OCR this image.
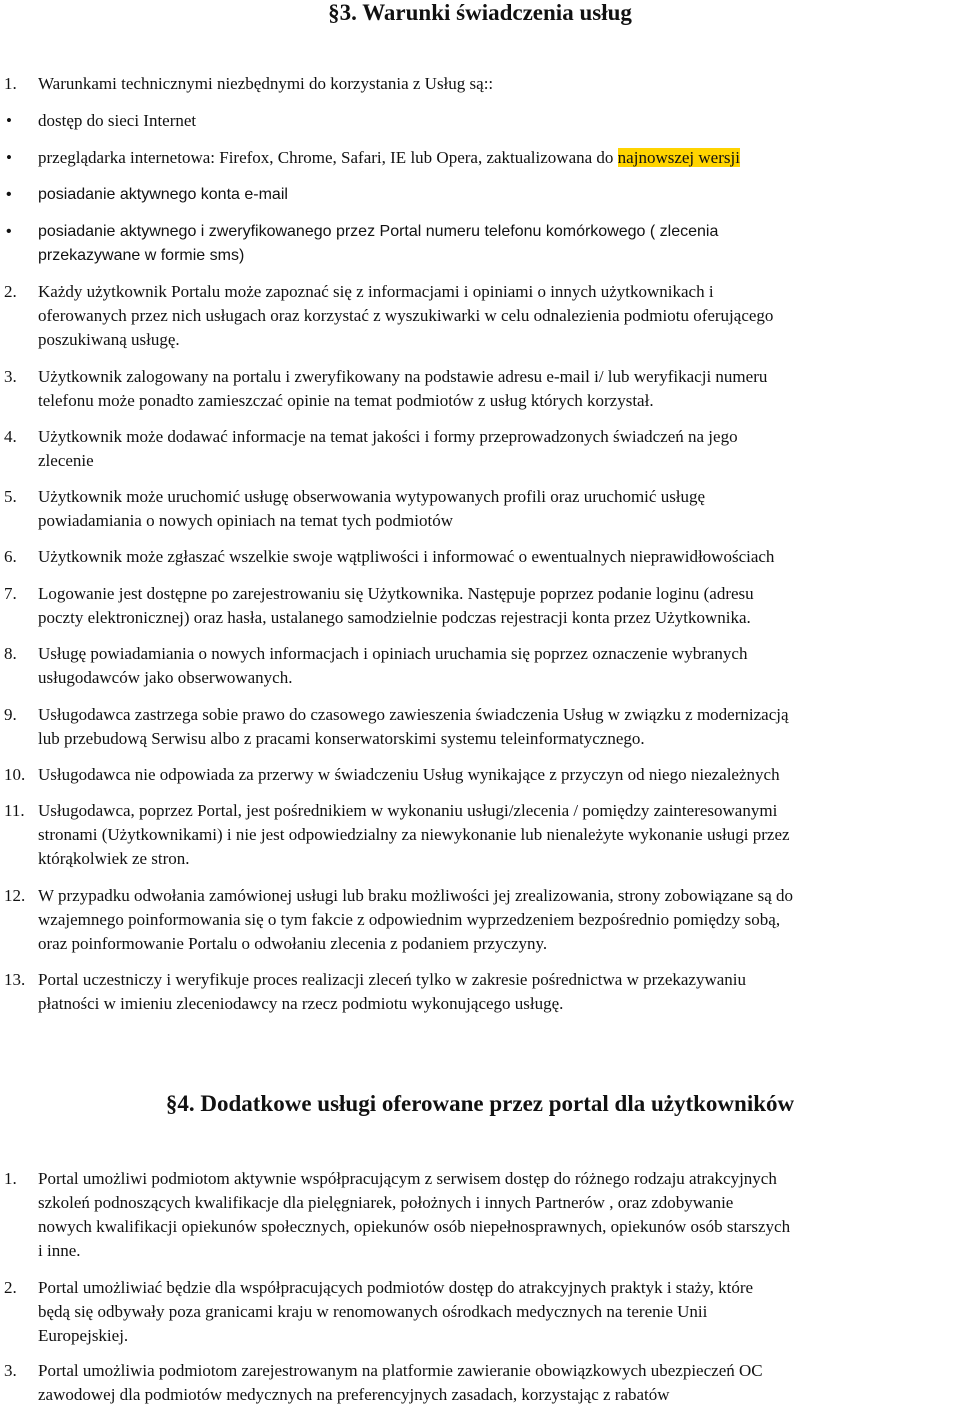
§3. Warunki świadczenia usług
1. Warunkami technicznymi niezbędnymi do korzystania z Usług są::
• dostęp do sieci Internet
• przeglądarka internetowa: Firefox, Chrome, Safari, IE lub Opera, zaktualizowana do najnowszej wersji
• posiadanie aktywnego konta e-mail
• posiadanie aktywnego i zweryfikowanego przez Portal numeru telefonu komórkowego ( zlecenia
przekazywane w formie sms)
2. Każdy użytkownik Portalu może zapoznać się z informacjami i opiniami o innych użytkownikach i
oferowanych przez nich usługach oraz korzystać z wyszukiwarki w celu odnalezienia podmiotu oferującego
poszukiwaną usługę.
3. Użytkownik zalogowany na portalu i zweryfikowany na podstawie adresu e-mail i/ lub weryfikacji numeru
telefonu może ponadto zamieszczać opinie na temat podmiotów z usług których korzystał.
4. Użytkownik może dodawać informacje na temat jakości i formy przeprowadzonych świadczeń na jego
zlecenie
5. Użytkownik może uruchomić usługę obserwowania wytypowanych profili oraz uruchomić usługę
powiadamiania o nowych opiniach na temat tych podmiotów
6. Użytkownik może zgłaszać wszelkie swoje wątpliwości i informować o ewentualnych nieprawidłowościach
7. Logowanie jest dostępne po zarejestrowaniu się Użytkownika. Następuje poprzez podanie loginu (adresu
poczty elektronicznej) oraz hasła, ustalanego samodzielnie podczas rejestracji konta przez Użytkownika.
8. Usługę powiadamiania o nowych informacjach i opiniach uruchamia się poprzez oznaczenie wybranych
usługodawców jako obserwowanych.
9. Usługodawca zastrzega sobie prawo do czasowego zawieszenia świadczenia Usług w związku z modernizacją
lub przebudową Serwisu albo z pracami konserwatorskimi systemu teleinformatycznego.
10. Usługodawca nie odpowiada za przerwy w świadczeniu Usług wynikające z przyczyn od niego niezależnych
11. Usługodawca, poprzez Portal, jest pośrednikiem w wykonaniu usługi/zlecenia / pomiędzy zainteresowanymi
stronami (Użytkownikami) i nie jest odpowiedzialny za niewykonanie lub nienależyte wykonanie usługi przez
którąkolwiek ze stron.
12. W przypadku odwołania zamówionej usługi lub braku możliwości jej zrealizowania, strony zobowiązane są do
wzajemnego poinformowania się o tym fakcie z odpowiednim wyprzedzeniem bezpośrednio pomiędzy sobą,
oraz poinformowanie Portalu o odwołaniu zlecenia z podaniem przyczyny.
13. Portal uczestniczy i weryfikuje proces realizacji zleceń tylko w zakresie pośrednictwa w przekazywaniu
płatności w imieniu zleceniodawcy na rzecz podmiotu wykonującego usługę.
§4. Dodatkowe usługi oferowane przez portal dla użytkowników
1. Portal umożliwi podmiotom aktywnie współpracującym z serwisem dostęp do różnego rodzaju atrakcyjnych
szkoleń podnoszących kwalifikacje dla pielęgniarek, położnych i innych Partnerów , oraz zdobywanie
nowych kwalifikacji opiekunów społecznych, opiekunów osób niepełnosprawnych, opiekunów osób starszych
i inne.
2. Portal umożliwiać będzie dla współpracujących podmiotów dostęp do atrakcyjnych praktyk i staży, które
będą się odbywały poza granicami kraju w renomowanych ośrodkach medycznych na terenie Unii
Europejskiej.
3. Portal umożliwia podmiotom zarejestrowanym na platformie zawieranie obowiązkowych ubezpieczeń OC
zawodowej dla podmiotów medycznych na preferencyjnych zasadach, korzystając z rabatów
